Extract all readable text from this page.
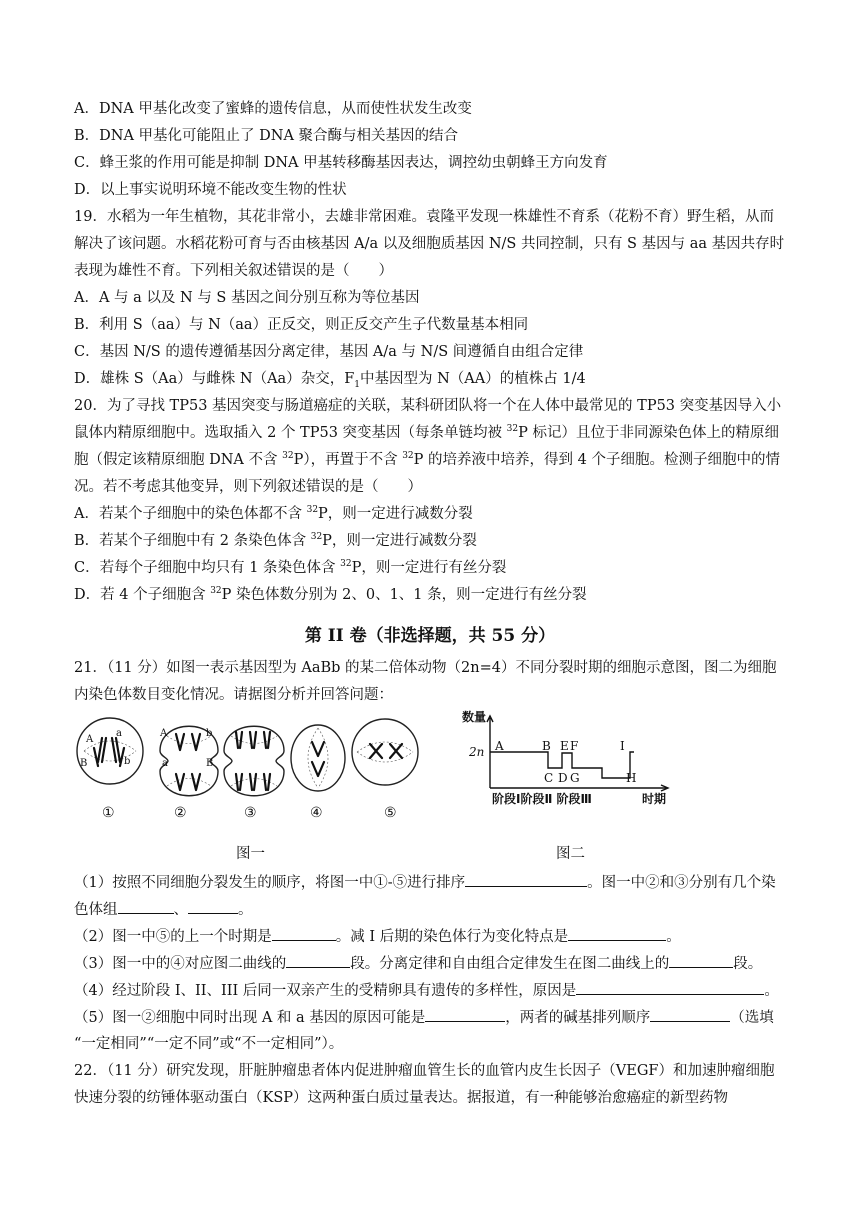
A．DNA 甲基化改变了蜜蜂的遗传信息，从而使性状发生改变
B．DNA 甲基化可能阻止了 DNA 聚合酶与相关基因的结合
C．蜂王浆的作用可能是抑制 DNA 甲基转移酶基因表达，调控幼虫朝蜂王方向发育
D．以上事实说明环境不能改变生物的性状
19．水稻为一年生植物，其花非常小，去雄非常困难。袁隆平发现一株雄性不育系（花粉不育）野生稻，从而
解决了该问题。水稻花粉可育与否由核基因 A/a 以及细胞质基因 N/S 共同控制，只有 S 基因与 aa 基因共存时
表现为雄性不育。下列相关叙述错误的是（　　）
A．A 与 a 以及 N 与 S 基因之间分别互称为等位基因
B．利用 S（aa）与 N（aa）正反交，则正反交产生子代数量基本相同
C．基因 N/S 的遗传遵循基因分离定律，基因 A/a 与 N/S 间遵循自由组合定律
D．雄株 S（Aa）与雌株 N（Aa）杂交，$F_1$中基因型为 N（AA）的植株占 1/4
20．为了寻找 TP53 基因突变与肠道癌症的关联，某科研团队将一个在人体中最常见的 TP53 突变基因导入小
鼠体内精原细胞中。选取插入 2 个 TP53 突变基因（每条单链均被 $^{32}$P 标记）且位于非同源染色体上的精原细
胞（假定该精原细胞 DNA 不含 $^{32}$P），再置于不含 $^{32}$P 的培养液中培养，得到 4 个子细胞。检测子细胞中的情
况。若不考虑其他变异，则下列叙述错误的是（　　）
A．若某个子细胞中的染色体都不含 $^{32}$P，则一定进行减数分裂
B．若某个子细胞中有 2 条染色体含 $^{32}$P，则一定进行减数分裂
C．若每个子细胞中均只有 1 条染色体含 $^{32}$P，则一定进行有丝分裂
D．若 4 个子细胞含 $^{32}$P 染色体数分别为 2、0、1、1 条，则一定进行有丝分裂
第 II 卷（非选择题，共 55 分）
21．（11 分）如图一表示基因型为 AaBb 的某二倍体动物（2n=4）不同分裂时期的细胞示意图，图二为细胞
内染色体数目变化情况。请据图分析并回答问题：
A
a
B	b
A	b
a	B
①	②	③	④	⑤
图一
数量
2n A	B E F	I
C D G	H
阶段Ⅰ阶段Ⅱ 阶段Ⅲ	时期
图二
（1）按照不同细胞分裂发生的顺序，将图一中①-⑤进行排序	。图一中②和③分别有几个染
色体组	、	。
（2）图一中⑤的上一个时期是	。减 I 后期的染色体行为变化特点是	。
（3）图一中的④对应图二曲线的	段。分离定律和自由组合定律发生在图二曲线上的	段。
（4）经过阶段 I、II、III 后同一双亲产生的受精卵具有遗传的多样性，原因是	。
（5）图一②细胞中同时出现 A 和 a 基因的原因可能是	，两者的碱基排列顺序	（选填
“一定相同”“一定不同”或“不一定相同”）。
22．（11 分）研究发现，肝脏肿瘤患者体内促进肿瘤血管生长的血管内皮生长因子（VEGF）和加速肿瘤细胞
快速分裂的纺锤体驱动蛋白（KSP）这两种蛋白质过量表达。据报道，有一种能够治愈癌症的新型药物
